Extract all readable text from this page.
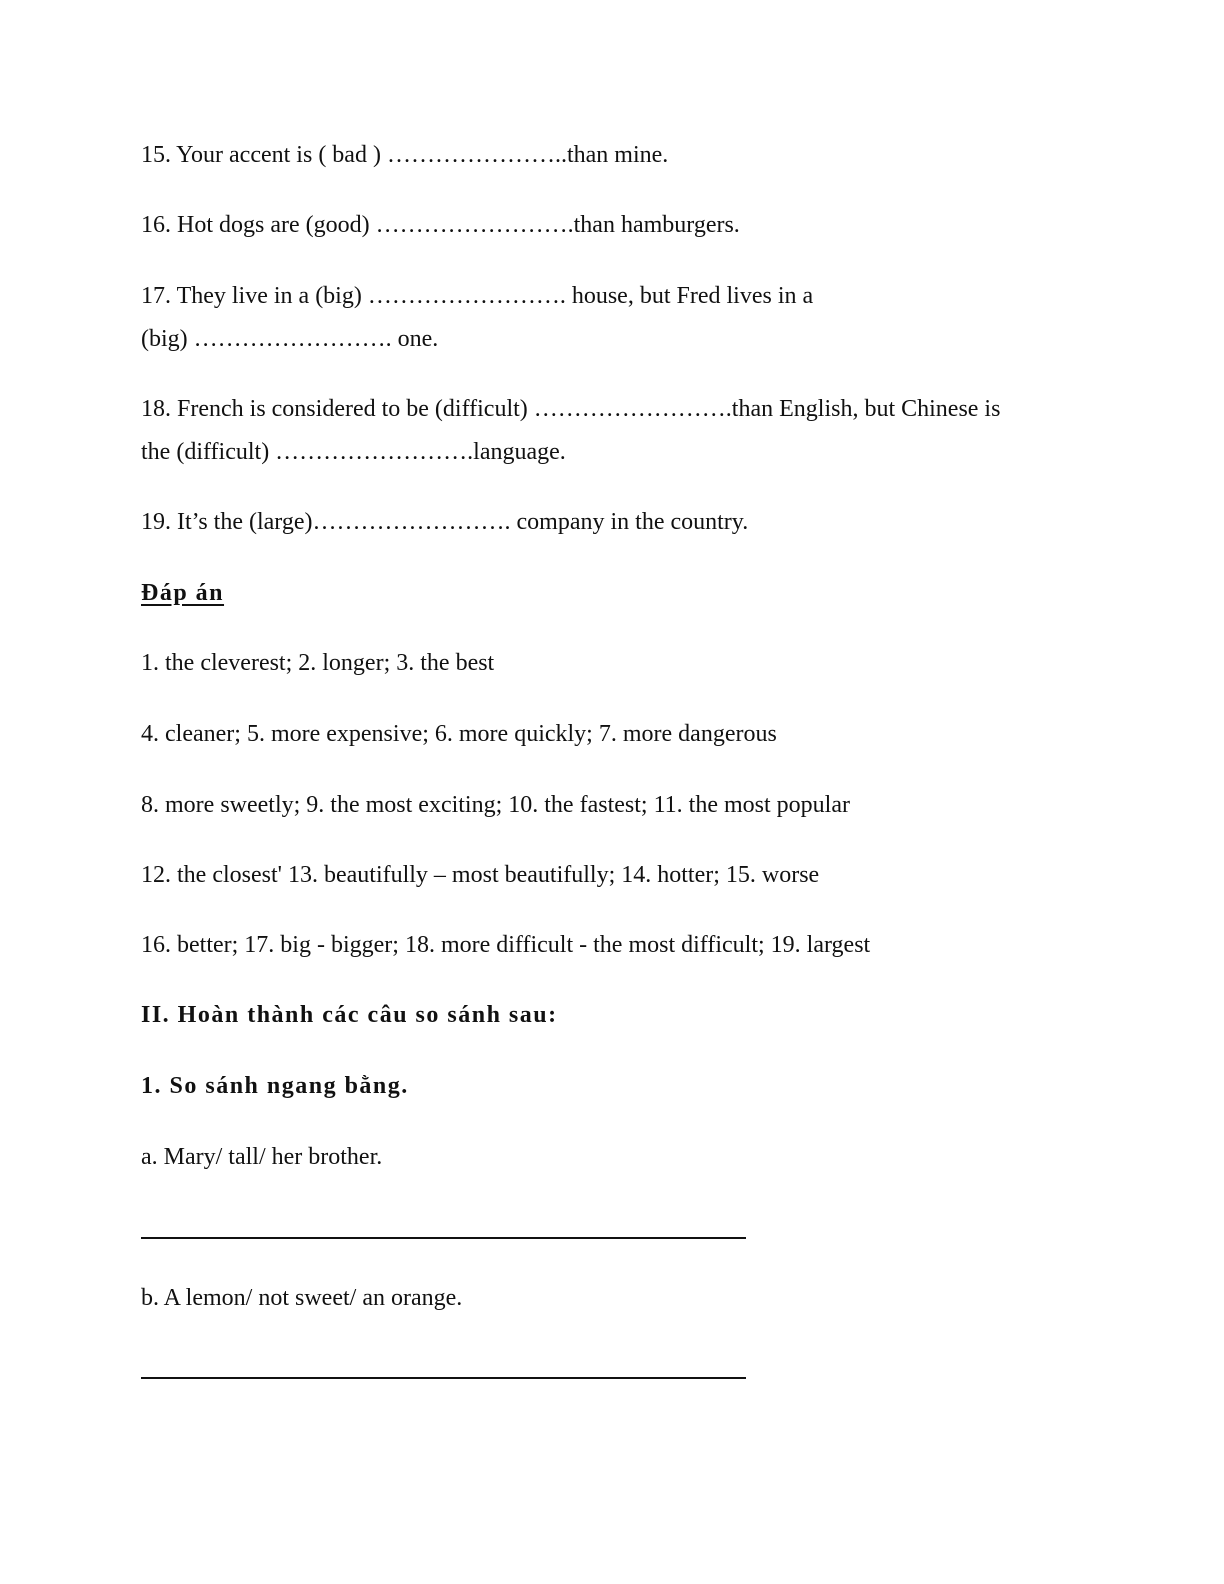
15. Your accent is ( bad ) …………………..than mine.
16. Hot dogs are (good) …………………….than hamburgers.
17. They live in a (big) ……………………. house, but Fred lives in a
(big) ……………………. one.
18. French is considered to be (difficult) …………………….than English, but Chinese is
the (difficult) …………………….language.
19. It’s the (large)……………………. company in the country.
Đáp án
1. the cleverest; 2. longer; 3. the best
4. cleaner; 5. more expensive; 6. more quickly; 7. more dangerous
8. more sweetly; 9. the most exciting; 10. the fastest; 11. the most popular
12. the closest' 13. beautifully – most beautifully; 14. hotter; 15. worse
16. better; 17. big - bigger; 18. more difficult - the most difficult; 19. largest
II. Hoàn thành các câu so sánh sau:
1. So sánh ngang bằng.
a. Mary/ tall/ her brother.
b. A lemon/ not sweet/ an orange.
